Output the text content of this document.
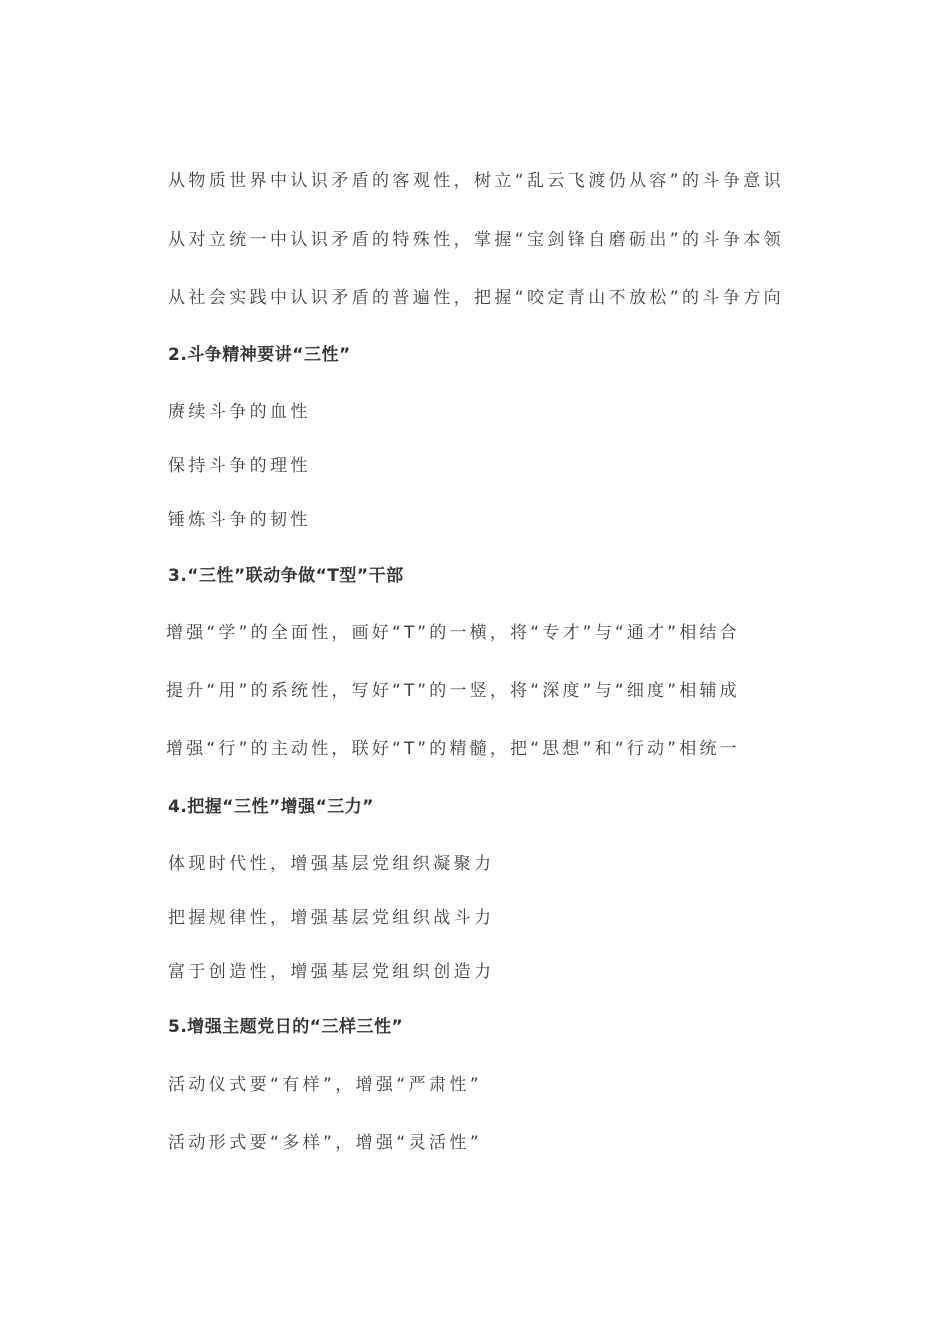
从物质世界中认识矛盾的客观性，树立“乱云飞渡仍从容”的斗争意识
从对立统一中认识矛盾的特殊性，掌握“宝剑锋自磨砺出”的斗争本领
从社会实践中认识矛盾的普遍性，把握“咬定青山不放松”的斗争方向
2.斗争精神要讲“三性”
赓续斗争的血性
保持斗争的理性
锤炼斗争的韧性
3.“三性”联动争做“T型”干部
增强“学”的全面性，画好“T”的一横，将“专才”与“通才”相结合
提升“用”的系统性，写好“T”的一竖，将“深度”与“细度”相辅成
增强“行”的主动性，联好“T”的精髓，把“思想”和“行动”相统一
4.把握“三性”增强“三力”
体现时代性，增强基层党组织凝聚力
把握规律性，增强基层党组织战斗力
富于创造性，增强基层党组织创造力
5.增强主题党日的“三样三性”
活动仪式要“有样”，增强“严肃性”
活动形式要“多样”，增强“灵活性”
